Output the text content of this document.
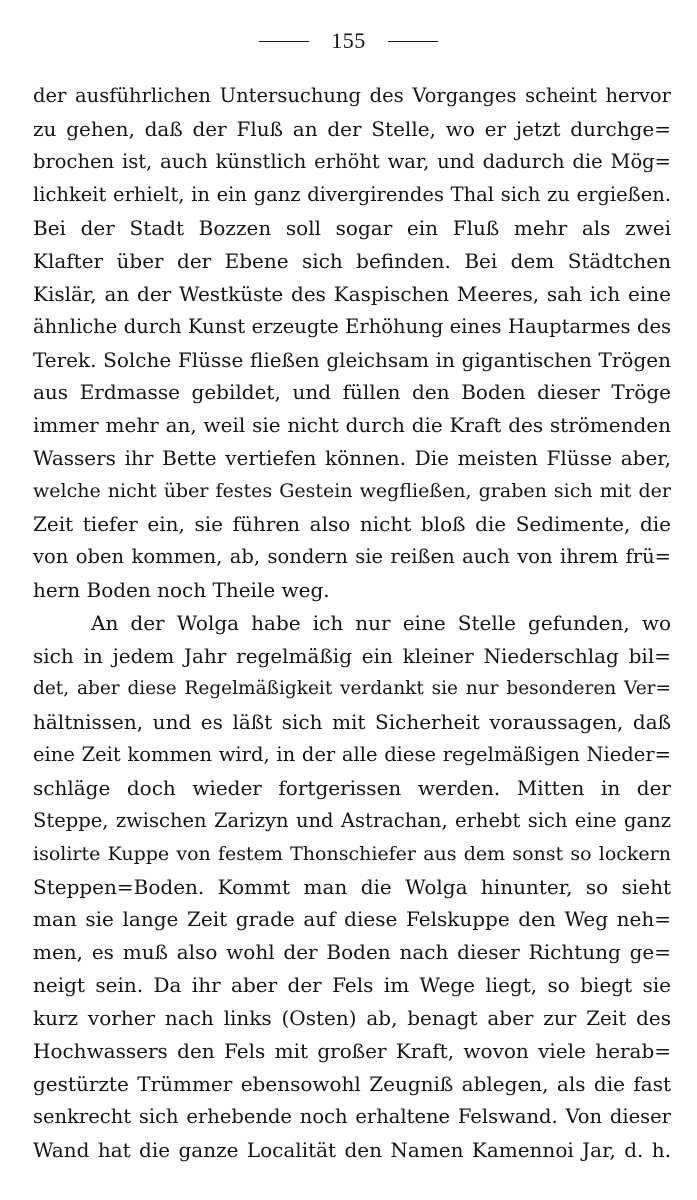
155
der ausführlichen Untersuchung des Vorganges scheint hervor
zu gehen, daß der Fluß an der Stelle, wo er jetzt durchge=
brochen ist, auch künstlich erhöht war, und dadurch die Mög=
lichkeit erhielt, in ein ganz divergirendes Thal sich zu ergießen.
Bei der Stadt Bozzen soll sogar ein Fluß mehr als zwei
Klafter über der Ebene sich befinden. Bei dem Städtchen
Kislär, an der Westküste des Kaspischen Meeres, sah ich eine
ähnliche durch Kunst erzeugte Erhöhung eines Hauptarmes des
Terek. Solche Flüsse fließen gleichsam in gigantischen Trögen
aus Erdmasse gebildet, und füllen den Boden dieser Tröge
immer mehr an, weil sie nicht durch die Kraft des strömenden
Wassers ihr Bette vertiefen können. Die meisten Flüsse aber,
welche nicht über festes Gestein wegfließen, graben sich mit der
Zeit tiefer ein, sie führen also nicht bloß die Sedimente, die
von oben kommen, ab, sondern sie reißen auch von ihrem frü=
hern Boden noch Theile weg.
An der Wolga habe ich nur eine Stelle gefunden, wo
sich in jedem Jahr regelmäßig ein kleiner Niederschlag bil=
det, aber diese Regelmäßigkeit verdankt sie nur besonderen Ver=
hältnissen, und es läßt sich mit Sicherheit voraussagen, daß
eine Zeit kommen wird, in der alle diese regelmäßigen Nieder=
schläge doch wieder fortgerissen werden. Mitten in der
Steppe, zwischen Zarizyn und Astrachan, erhebt sich eine ganz
isolirte Kuppe von festem Thonschiefer aus dem sonst so lockern
Steppen=Boden. Kommt man die Wolga hinunter, so sieht
man sie lange Zeit grade auf diese Felskuppe den Weg neh=
men, es muß also wohl der Boden nach dieser Richtung ge=
neigt sein. Da ihr aber der Fels im Wege liegt, so biegt sie
kurz vorher nach links (Osten) ab, benagt aber zur Zeit des
Hochwassers den Fels mit großer Kraft, wovon viele herab=
gestürzte Trümmer ebensowohl Zeugniß ablegen, als die fast
senkrecht sich erhebende noch erhaltene Felswand. Von dieser
Wand hat die ganze Localität den Namen Kamennoi Jar, d. h.
